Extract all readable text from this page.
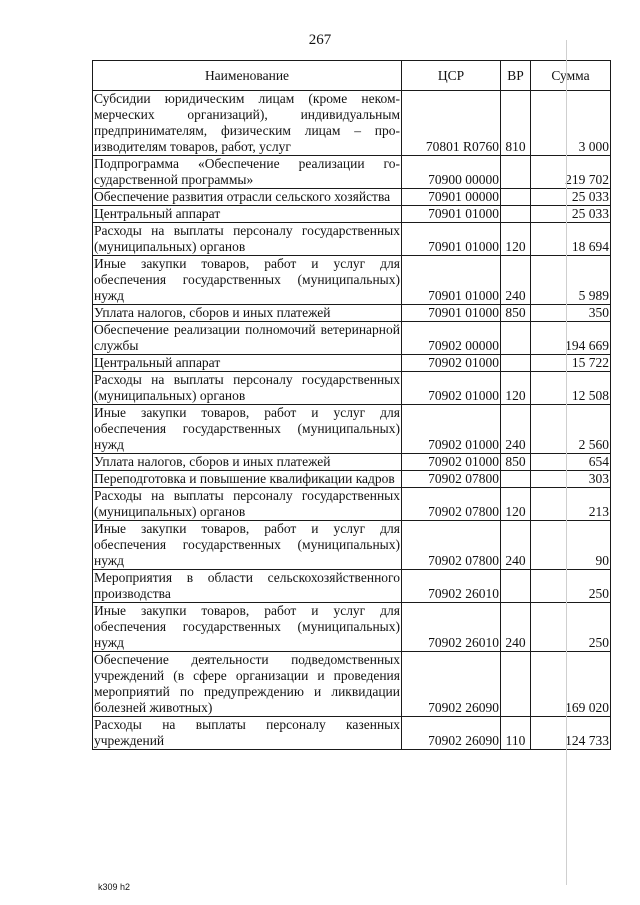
267
Наименование	ЦСР	ВР	Сумма
Субсидии юридическим лицам (кроме некоммерческих организаций), индивидуальным предпринимателям, физическим лицам – производителям товаров, работ, услуг	70801 R0760	810	3 000
Подпрограмма «Обеспечение реализации государственной программы»	70900 00000		219 702
Обеспечение развития отрасли сельского хозяйства	70901 00000		25 033
Центральный аппарат	70901 01000		25 033
Расходы на выплаты персоналу государственных (муниципальных) органов	70901 01000	120	18 694
Иные закупки товаров, работ и услуг для обеспечения государственных (муниципальных) нужд	70901 01000	240	5 989
Уплата налогов, сборов и иных платежей	70901 01000	850	350
Обеспечение реализации полномочий ветеринарной службы	70902 00000		194 669
Центральный аппарат	70902 01000		15 722
Расходы на выплаты персоналу государственных (муниципальных) органов	70902 01000	120	12 508
Иные закупки товаров, работ и услуг для обеспечения государственных (муниципальных) нужд	70902 01000	240	2 560
Уплата налогов, сборов и иных платежей	70902 01000	850	654
Переподготовка и повышение квалификации кадров	70902 07800		303
Расходы на выплаты персоналу государственных (муниципальных) органов	70902 07800	120	213
Иные закупки товаров, работ и услуг для обеспечения государственных (муниципальных) нужд	70902 07800	240	90
Мероприятия в области сельскохозяйственного производства	70902 26010		250
Иные закупки товаров, работ и услуг для обеспечения государственных (муниципальных) нужд	70902 26010	240	250
Обеспечение деятельности подведомственных учреждений (в сфере организации и проведения мероприятий по предупреждению и ликвидации болезней животных)	70902 26090		169 020
Расходы на выплаты персоналу казенных учреждений	70902 26090	110	124 733
k309 h2
